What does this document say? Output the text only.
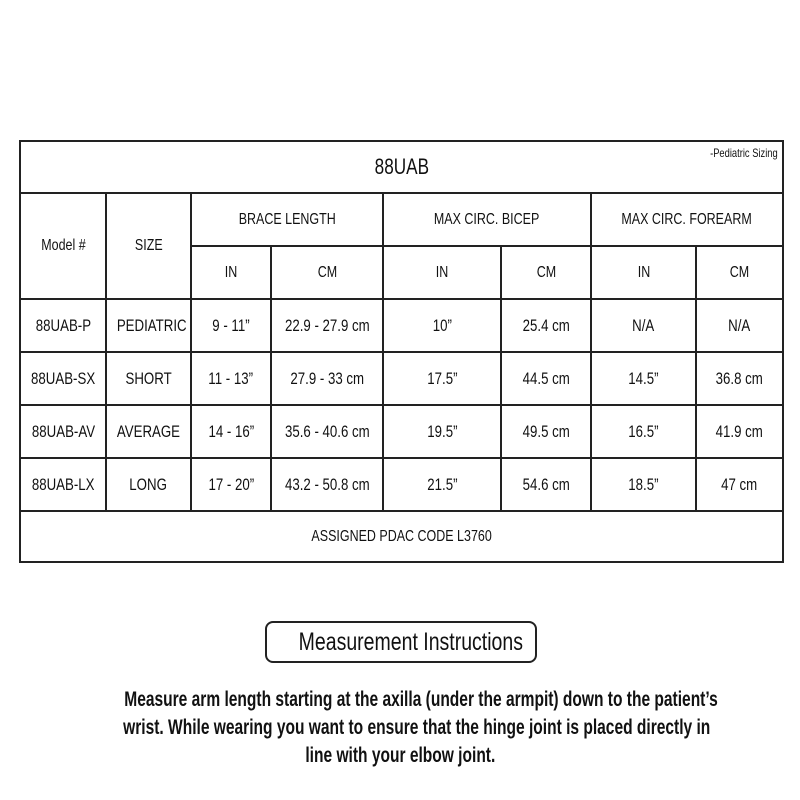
88UAB
-Pediatric Sizing							

Model #	SIZE	BRACE LENGTH		MAX CIRC. BICEP		MAX CIRC. FOREARM	
		IN	CM	IN	CM	IN	CM
88UAB-P	PEDIATRIC	9 - 11”	22.9 - 27.9 cm	10”	25.4 cm	N/A	N/A
88UAB-SX	SHORT	11 - 13”	27.9 - 33 cm	17.5”	44.5 cm	14.5”	36.8 cm
88UAB-AV	AVERAGE	14 - 16”	35.6 - 40.6 cm	19.5”	49.5 cm	16.5”	41.9 cm
88UAB-LX	LONG	17 - 20”	43.2 - 50.8 cm	21.5”	54.6 cm	18.5”	47 cm
ASSIGNED PDAC CODE L3760							
Measurement Instructions
Measure arm length starting at the axilla (under the armpit) down to the patient’s
wrist. While wearing you want to ensure that the hinge joint is placed directly in
line with your elbow joint.
